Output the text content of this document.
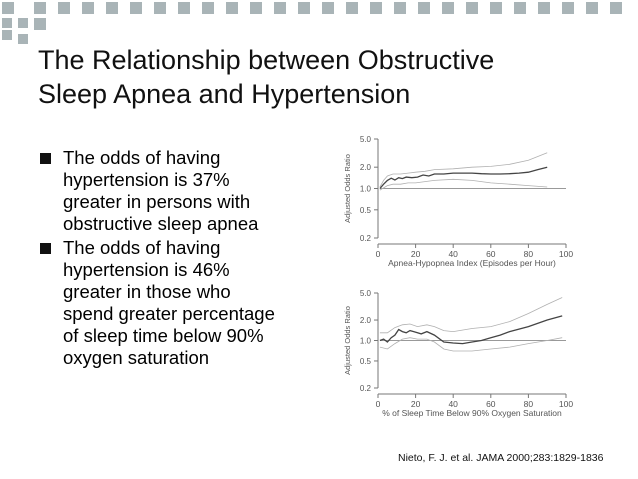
The Relationship between Obstructive
Sleep Apnea and Hypertension
The odds of having
hypertension is 37%
greater in persons with
obstructive sleep apnea
The odds of having
hypertension is 46%
greater in those who
spend greater percentage
of sleep time below 90%
oxygen saturation
0.2
0.5
1.0
2.0
5.0
0	20	40	60	80	100
Apnea-Hypopnea Index (Episodes per Hour)
Adjusted Odds Ratio
0.2
0.5
1.0
2.0
5.0
0	20	40	60	80	100
% of Sleep Time Below 90% Oxygen Saturation
Adjusted Odds Ratio
Nieto, F. J. et al. JAMA 2000;283:1829-1836
